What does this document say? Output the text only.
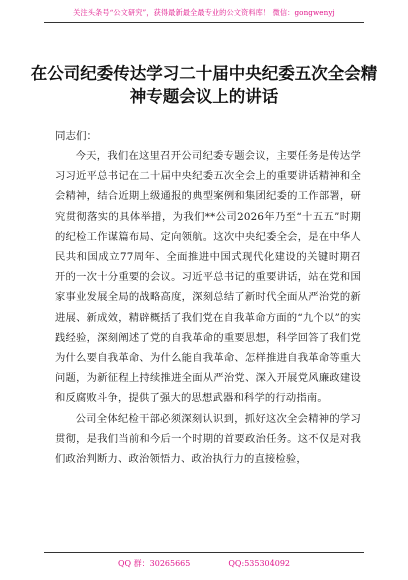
关注头条号“公文研究”，获得最新最全最专业的公文资料库！ 微信：gongwenyj
在公司纪委传达学习二十届中央纪委五次全会精神专题会议上的讲话
同志们：

今天，我们在这里召开公司纪委专题会议，主要任务是传达学习习近平总书记在二十届中央纪委五次全会上的重要讲话精神和全会精神，结合近期上级通报的典型案例和集团纪委的工作部署，研究贯彻落实的具体举措，为我们**公司2026年乃至“十五五”时期的纪检工作谋篇布局、定向领航。这次中央纪委全会，是在中华人民共和国成立77周年、全面推进中国式现代化建设的关键时期召开的一次十分重要的会议。习近平总书记的重要讲话，站在党和国家事业发展全局的战略高度，深刻总结了新时代全面从严治党的新进展、新成效，精辟概括了我们党在自我革命方面的“九个以”的实践经验，深刻阐述了党的自我革命的重要思想，科学回答了我们党为什么要自我革命、为什么能自我革命、怎样推进自我革命等重大问题，为新征程上持续推进全面从严治党、深入开展党风廉政建设和反腐败斗争，提供了强大的思想武器和科学的行动指南。

公司全体纪检干部必须深刻认识到，抓好这次全会精神的学习贯彻，是我们当前和今后一个时期的首要政治任务。这不仅是对我们政治判断力、政治领悟力、政治执行力的直接检验，

QQ 群：30265665	QQ:535304092
